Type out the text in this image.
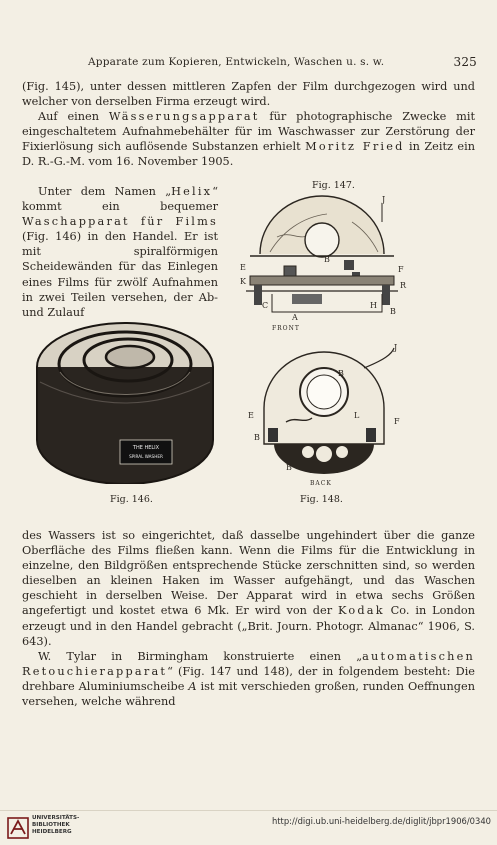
Apparate zum Kopieren, Entwickeln, Waschen u. s. w.	325

(Fig. 145), unter dessen mittleren Zapfen der Film durchgezogen wird und welcher von derselben Firma erzeugt wird.

Auf einen Wässerungsapparat für photographische Zwecke mit eingeschaltetem Aufnahmebehälter für im Waschwasser zur Zerstörung der Fixierlösung sich auflösende Substanzen erhielt Moritz Fried in Zeitz ein D. R.-G.-M. vom 16. November 1905.

Unter dem Namen „Helix“ kommt ein bequemer Waschapparat für Films (Fig. 146) in den Handel. Er ist mit spiralförmigen Scheidewänden für das Einlegen eines Films für zwölf Aufnahmen in zwei Teilen versehen, der Ab- und Zulauf

Fig. 147.
J
B
K
E	F
R
C
A
H
B
FRONT
THE HELIX
SPIRAL WASHER
Fig. 146.
J
B
F
E	L
B
B
BACK
Fig. 148.

des Wassers ist so eingerichtet, daß dasselbe ungehindert über die ganze Oberfläche des Films fließen kann. Wenn die Films für die Entwicklung in einzelne, den Bildgrößen entsprechende Stücke zerschnitten sind, so werden dieselben an kleinen Haken im Wasser aufgehängt, und das Waschen geschieht in derselben Weise. Der Apparat wird in etwa sechs Größen angefertigt und kostet etwa 6 Mk. Er wird von der Kodak Co. in London erzeugt und in den Handel gebracht („Brit. Journ. Photogr. Almanac“ 1906, S. 643).

W. Tylar in Birmingham konstruierte einen „automatischen Retouchierapparat“ (Fig. 147 und 148), der in folgendem besteht: Die drehbare Aluminiumscheibe A ist mit verschieden großen, runden Oeffnungen versehen, welche während

UNIVERSITÄTS-
BIBLIOTHEK
HEIDELBERG
http://digi.ub.uni-heidelberg.de/diglit/jbpr1906/0340
